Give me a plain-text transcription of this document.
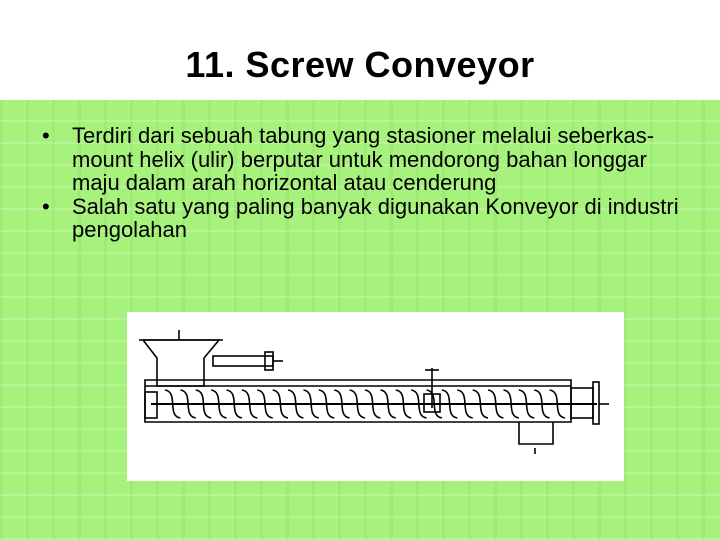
11. Screw Conveyor
• Terdiri dari sebuah tabung yang stasioner melalui seberkas-mount helix (ulir) berputar untuk mendorong bahan longgar maju dalam arah horizontal atau cenderung
• Salah satu yang paling banyak digunakan Konveyor di industri pengolahan
